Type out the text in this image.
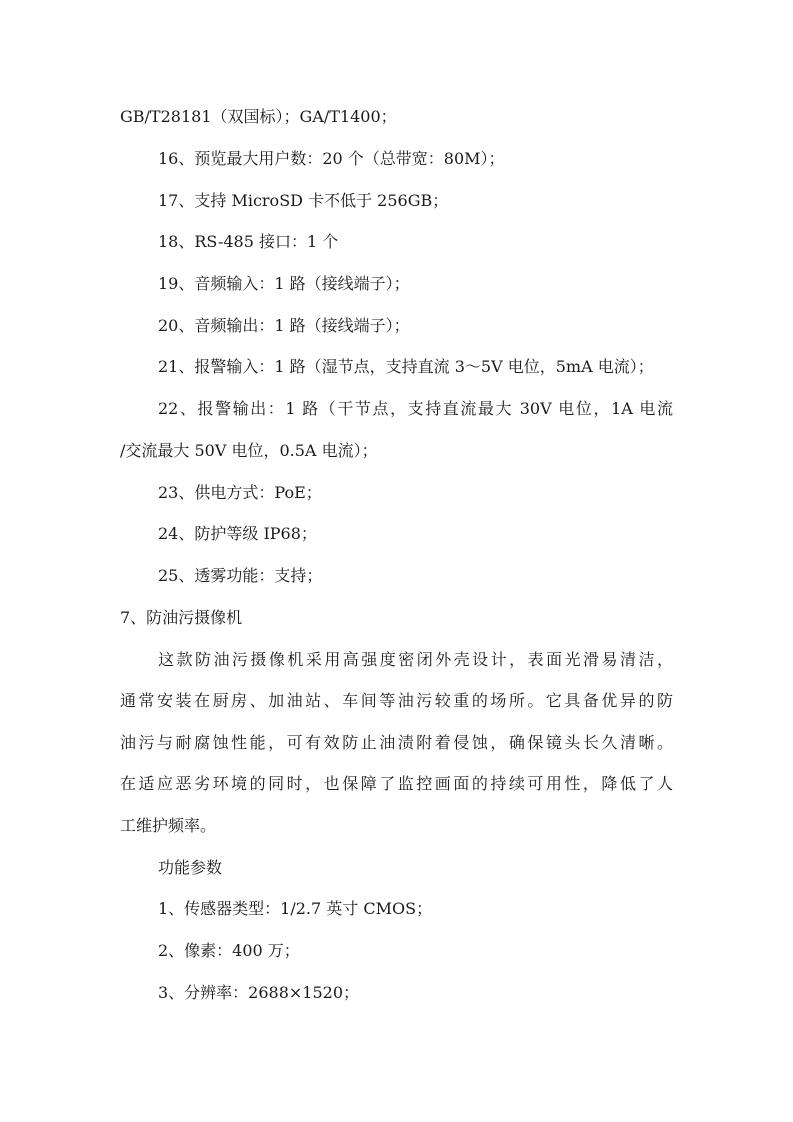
GB/T28181（双国标）；GA/T1400；

16、预览最大用户数：20 个（总带宽：80M）；

17、支持 MicroSD 卡不低于 256GB；

18、RS-485 接口：1 个

19、音频输入：1 路（接线端子）；

20、音频输出：1 路（接线端子）；

21、报警输入：1 路（湿节点，支持直流 3～5V 电位，5mA 电流）；

22、报警输出：1 路（干节点，支持直流最大 30V 电位，1A 电流

/交流最大 50V 电位，0.5A 电流）；

23、供电方式：PoE；

24、防护等级 IP68；

25、透雾功能：支持；

7、防油污摄像机

这款防油污摄像机采用高强度密闭外壳设计，表面光滑易清洁，

通常安装在厨房、加油站、车间等油污较重的场所。它具备优异的防

油污与耐腐蚀性能，可有效防止油渍附着侵蚀，确保镜头长久清晰。

在适应恶劣环境的同时，也保障了监控画面的持续可用性，降低了人

工维护频率。

功能参数

1、传感器类型：1/2.7 英寸 CMOS；

2、像素：400 万；

3、分辨率：2688×1520；
